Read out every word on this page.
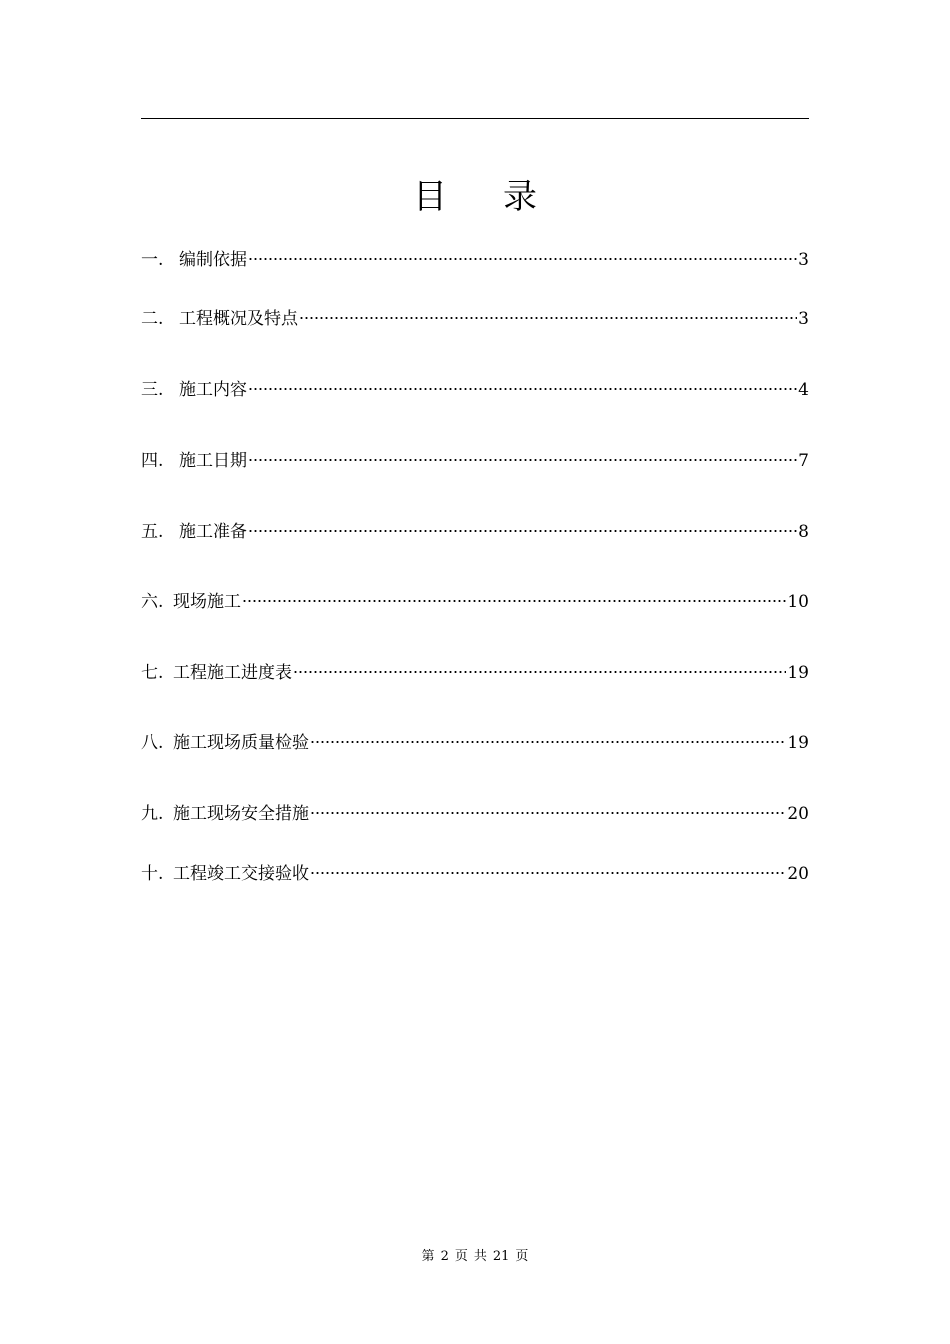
目 录
一. 编制依据	3
二. 工程概况及特点	3
三. 施工内容	4
四. 施工日期	7
五. 施工准备	8
六. 现场施工	10
七. 工程施工进度表	19
八. 施工现场质量检验	19
九. 施工现场安全措施	20
十. 工程竣工交接验收	20
第 2 页 共 21 页
